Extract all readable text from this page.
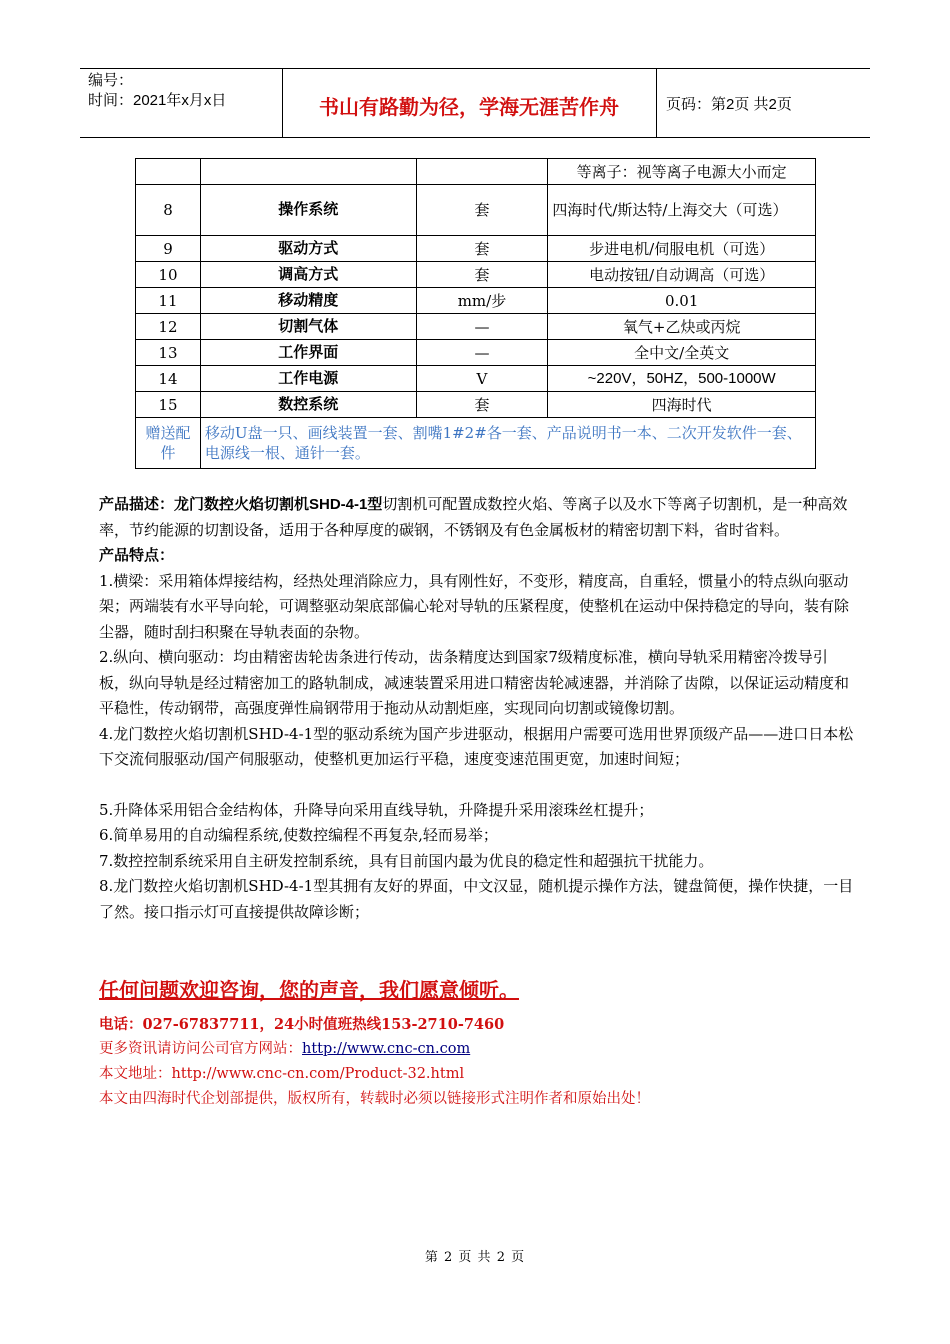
编号：
时间：2021年x月x日	书山有路勤为径，学海无涯苦作舟	页码：第2页 共2页
			等离子：视等离子电源大小而定
8	操作系统	套	四海时代/斯达特/上海交大（可选）
9	驱动方式	套	步进电机/伺服电机（可选）
10	调高方式	套	电动按钮/自动调高（可选）
11	移动精度	mm/步	0.01
12	切割气体	—	氧气+乙炔或丙烷
13	工作界面	—	全中文/全英文
14	工作电源	V	~220V，50HZ，500-1000W
15	数控系统	套	四海时代
赠送配件	移动U盘一只、画线装置一套、割嘴1#2#各一套、产品说明书一本、二次开发软件一套、电源线一根、通针一套。		

产品描述：龙门数控火焰切割机SHD-4-1型切割机可配置成数控火焰、等离子以及水下等离子切割机，是一种高效率，节约能源的切割设备，适用于各种厚度的碳钢，不锈钢及有色金属板材的精密切割下料，省时省料。

产品特点：

1.横梁：采用箱体焊接结构，经热处理消除应力，具有刚性好，不变形，精度高，自重轻，惯量小的特点纵向驱动架；两端装有水平导向轮，可调整驱动架底部偏心轮对导轨的压紧程度，使整机在运动中保持稳定的导向，装有除尘器，随时刮扫积聚在导轨表面的杂物。

2.纵向、横向驱动：均由精密齿轮齿条进行传动，齿条精度达到国家7级精度标准，横向导轨采用精密冷拨导引板，纵向导轨是经过精密加工的路轨制成，减速装置采用进口精密齿轮减速器，并消除了齿隙，以保证运动精度和平稳性，传动钢带，高强度弹性扁钢带用于拖动从动割炬座，实现同向切割或镜像切割。

4.龙门数控火焰切割机SHD-4-1型的驱动系统为国产步进驱动，根据用户需要可选用世界顶级产品——进口日本松下交流伺服驱动/国产伺服驱动，使整机更加运行平稳，速度变速范围更宽，加速时间短；

5.升降体采用铝合金结构体，升降导向采用直线导轨，升降提升采用滚珠丝杠提升；

6.简单易用的自动编程系统,使数控编程不再复杂,轻而易举；

7.数控控制系统采用自主研发控制系统，具有目前国内最为优良的稳定性和超强抗干扰能力。

8.龙门数控火焰切割机SHD-4-1型其拥有友好的界面，中文汉显，随机提示操作方法，键盘简便，操作快捷，一目了然。接口指示灯可直接提供故障诊断；

任何问题欢迎咨询，您的声音，我们愿意倾听。
电话：027-67837711，24小时值班热线153-2710-7460
更多资讯请访问公司官方网站：http://www.cnc-cn.com
本文地址：http://www.cnc-cn.com/Product-32.html
本文由四海时代企划部提供，版权所有，转载时必须以链接形式注明作者和原始出处！
第 2 页 共 2 页
